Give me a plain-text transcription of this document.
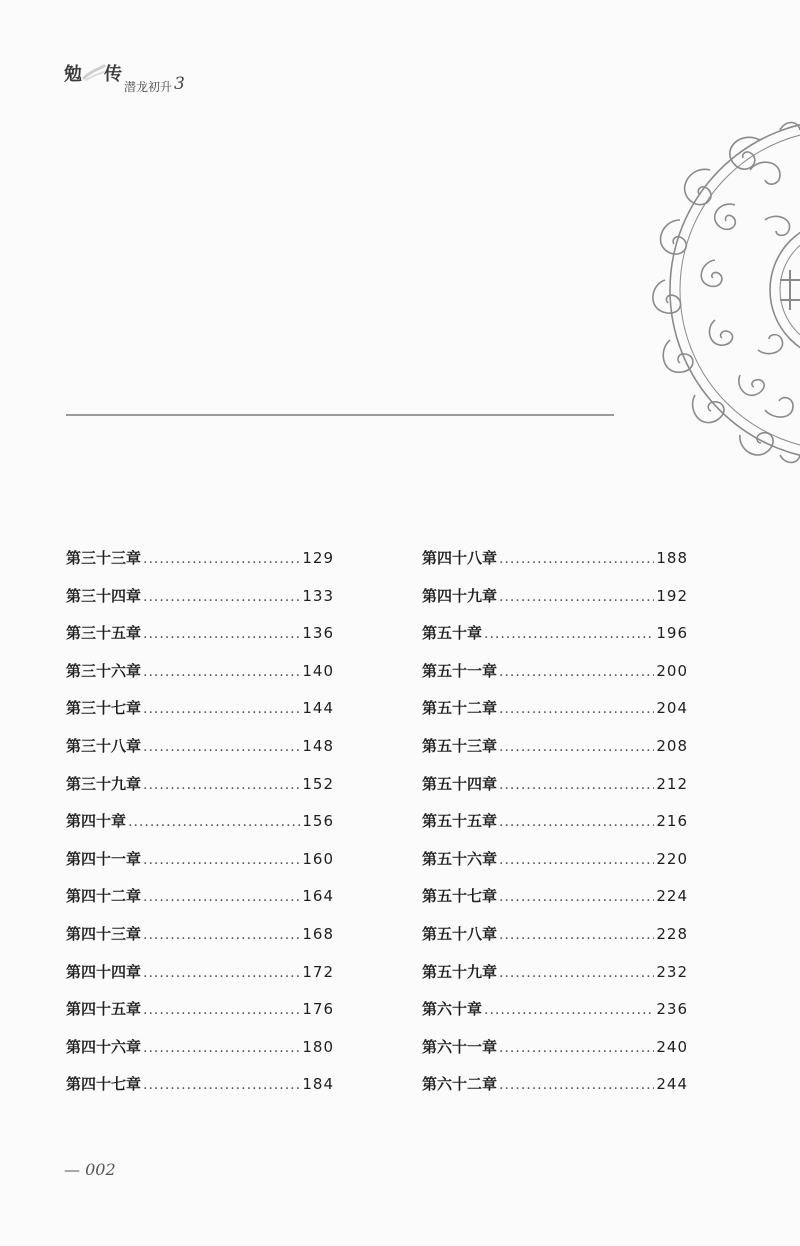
勉 传
潜龙初升 3
第三十三章 .....	129
第三十四章 .....	133
第三十五章 .....	136
第三十六章 .....	140
第三十七章 .....	144
第三十八章 .....	148
第三十九章 .....	152
第四十章 .....	156
第四十一章 .....	160
第四十二章 .....	164
第四十三章 .....	168
第四十四章 .....	172
第四十五章 .....	176
第四十六章 .....	180
第四十七章 .....	184
第四十八章 .....	188
第四十九章 .....	192
第五十章 .....	196
第五十一章 .....	200
第五十二章 .....	204
第五十三章 .....	208
第五十四章 .....	212
第五十五章 .....	216
第五十六章 .....	220
第五十七章 .....	224
第五十八章 .....	228
第五十九章 .....	232
第六十章 .....	236
第六十一章 .....	240
第六十二章 .....	244
— 002
